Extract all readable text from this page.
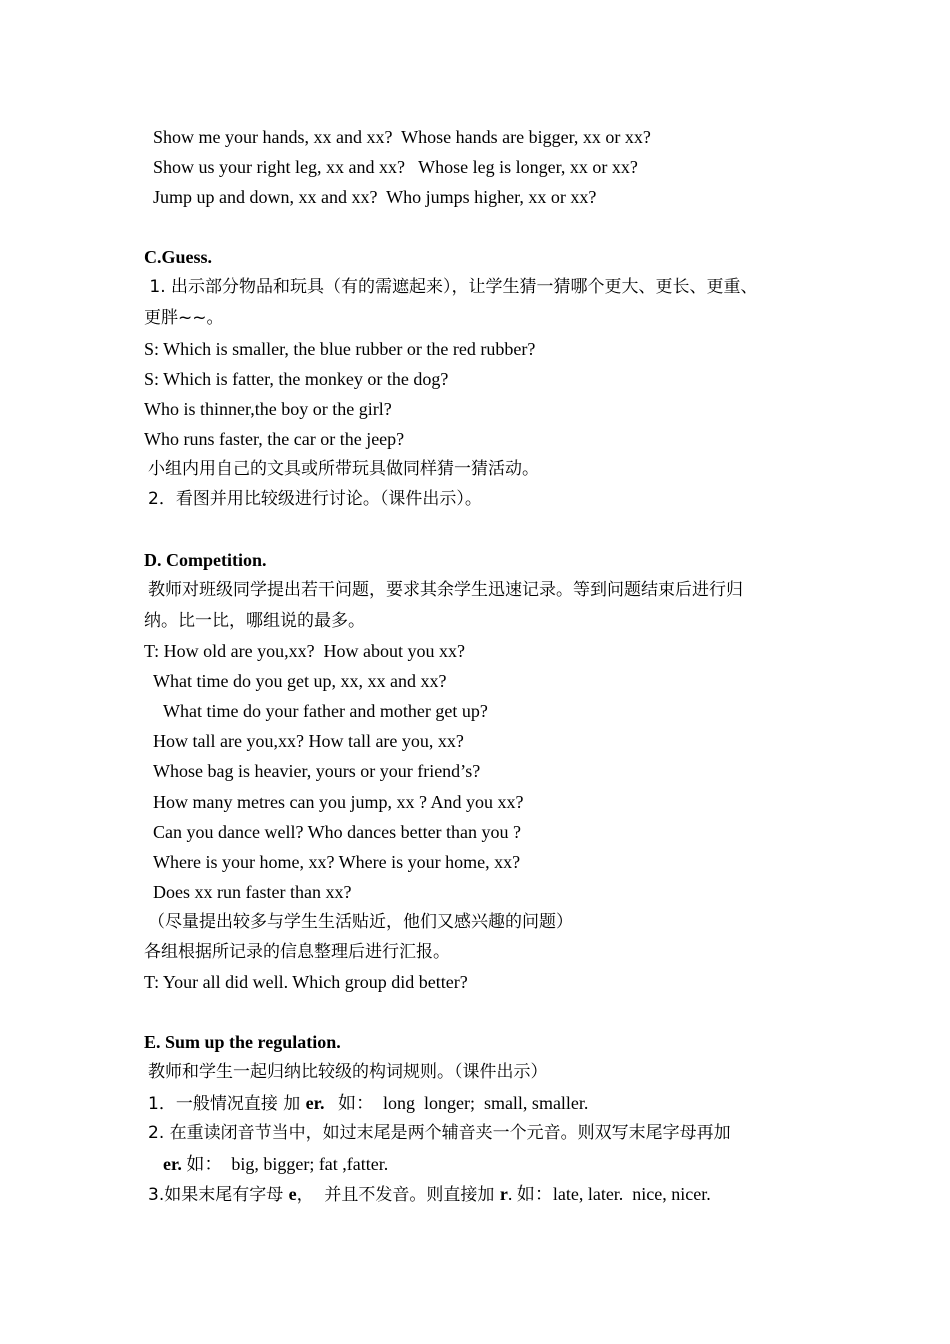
Show me your hands, xx and xx?  Whose hands are bigger, xx or xx?
Show us your right leg, xx and xx?   Whose leg is longer, xx or xx?
Jump up and down, xx and xx?  Who jumps higher, xx or xx?
C.Guess.
1. 出示部分物品和玩具（有的需遮起来），让学生猜一猜哪个更大、更长、更重、
更胖~~。
S: Which is smaller, the blue rubber or the red rubber?
S: Which is fatter, the monkey or the dog?
Who is thinner,the boy or the girl?
Who runs faster, the car or the jeep?
小组内用自己的文具或所带玩具做同样猜一猜活动。
2．看图并用比较级进行讨论。（课件出示）。
D. Competition.
教师对班级同学提出若干问题，要求其余学生迅速记录。等到问题结束后进行归
纳。比一比，哪组说的最多。
T: How old are you,xx?  How about you xx?
What time do you get up, xx, xx and xx?
What time do your father and mother get up?
How tall are you,xx? How tall are you, xx?
Whose bag is heavier, yours or your friend’s?
How many metres can you jump, xx ? And you xx?
Can you dance well? Who dances better than you ?
Where is your home, xx? Where is your home, xx?
Does xx run faster than xx?
（尽量提出较多与学生生活贴近，他们又感兴趣的问题）
各组根据所记录的信息整理后进行汇报。
T: Your all did well. Which group did better?
E. Sum up the regulation.
教师和学生一起归纳比较级的构词规则。（课件出示）
1．一般情况直接 加 er.   如：  long  longer;  small, smaller.
2. 在重读闭音节当中，如过末尾是两个辅音夹一个元音。则双写末尾字母再加
er. 如：  big, bigger; fat ,fatter.
3.如果末尾有字母 e，  并且不发音。则直接加 r. 如：late, later.  nice, nicer.
